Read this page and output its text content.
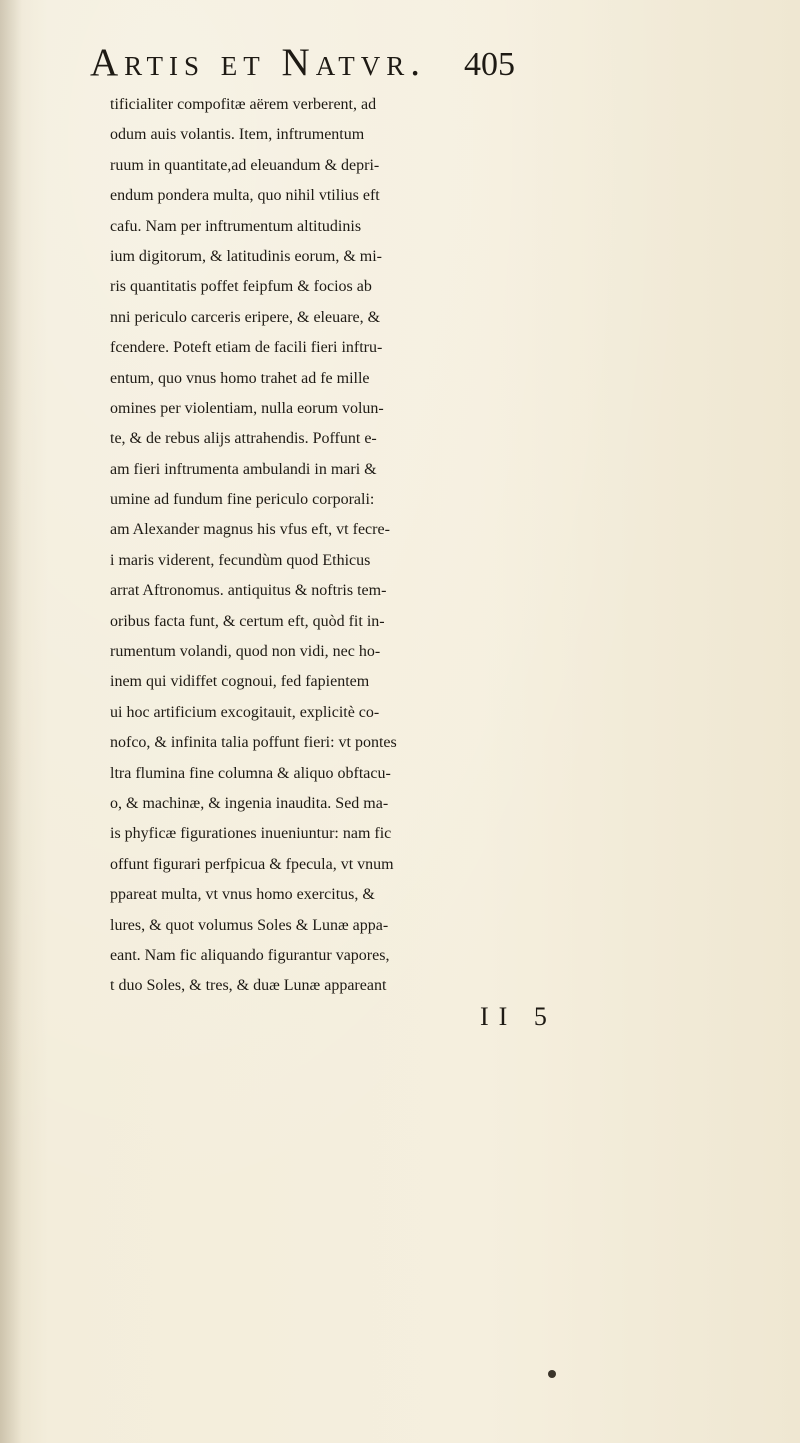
Artis et Natvr. 405
tificialiter compofitæ aërem verberent, ad
odum auis volantis. Item, inftrumentum
ruum in quantitate,ad eleuandum & depri-
endum pondera multa, quo nihil vtilius eft
cafu. Nam per inftrumentum altitudinis
ium digitorum, & latitudinis eorum, & mi-
ris quantitatis poffet feipfum & focios ab
nni periculo carceris eripere, & eleuare, &
fcendere. Poteft etiam de facili fieri inftru-
entum, quo vnus homo trahet ad fe mille
omines per violentiam, nulla eorum volun-
te, & de rebus alijs attrahendis. Poffunt e-
am fieri inftrumenta ambulandi in mari &
umine ad fundum fine periculo corporali:
am Alexander magnus his vfus eft, vt fecre-
i maris viderent, fecundùm quod Ethicus
arrat Aftronomus. antiquitus & noftris tem-
oribus facta funt, & certum eft, quòd fit in-
rumentum volandi, quod non vidi, nec ho-
inem qui vidiffet cognoui, fed fapientem
ui hoc artificium excogitauit, explicitè co-
nofco, & infinita talia poffunt fieri: vt pontes
ltra flumina fine columna & aliquo obftacu-
o, & machinæ, & ingenia inaudita. Sed ma-
is phyficæ figurationes inueniuntur: nam fic
offunt figurari perfpicua & fpecula, vt vnum
ppareat multa, vt vnus homo exercitus, &
lures, & quot volumus Soles & Lunæ appa-
eant. Nam fic aliquando figurantur vapores,
t duo Soles, & tres, & duæ Lunæ appareant
II 5
